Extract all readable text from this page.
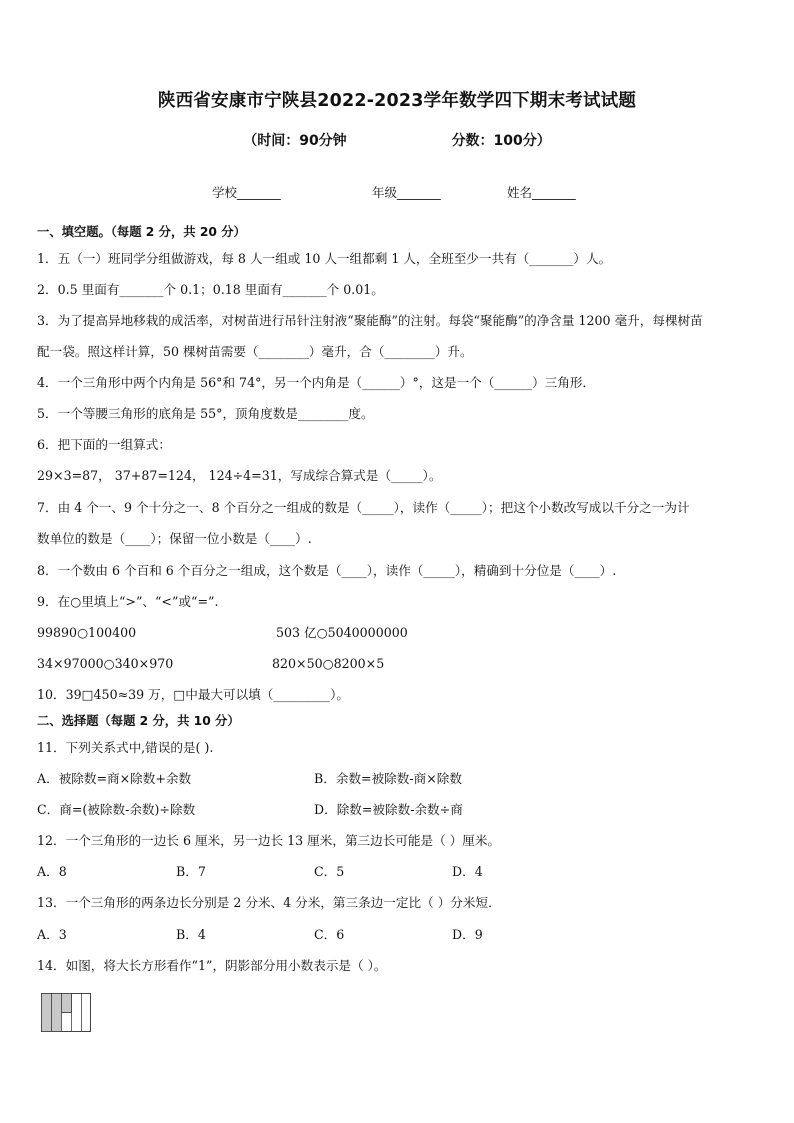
陕西省安康市宁陕县2022-2023学年数学四下期末考试试题
（时间：90分钟	分数：100分）
学校_______	年级_______	姓名_______
一、填空题。（每题 2 分，共 20 分）
1．五（一）班同学分组做游戏，每 8 人一组或 10 人一组都剩 1 人，全班至少一共有（_______）人。
2．0.5 里面有_______个 0.1；0.18 里面有_______个 0.01。
3．为了提高异地移栽的成活率，对树苗进行吊针注射液“聚能酶”的注射。每袋“聚能酶”的净含量 1200 毫升，每棵树苗
配一袋。照这样计算，50 棵树苗需要（________）毫升，合（________）升。
4．一个三角形中两个内角是 56°和 74°，另一个内角是（______）°，这是一个（______）三角形．
5．一个等腰三角形的底角是 55°，顶角度数是________度。
6．把下面的一组算式：
29×3=87， 37+87=124， 124÷4=31，写成综合算式是（_____）。
7．由 4 个一、9 个十分之一、8 个百分之一组成的数是（_____），读作（_____）；把这个小数改写成以千分之一为计
数单位的数是（____）；保留一位小数是（____）.
8．一个数由 6 个百和 6 个百分之一组成，这个数是（____），读作（_____），精确到十分位是（____）.
9．在○里填上“>”、“<”或“=”.
99890○100400	503 亿○5040000000
34×97000○340×970	820×50○8200×5
10．39□450≈39 万，□中最大可以填（_________）。
二、选择题（每题 2 分，共 10 分）
11．下列关系式中,错误的是( ).
A．被除数=商×除数+余数	B．余数=被除数-商×除数
C．商=(被除数-余数)÷除数	D．除数=被除数-余数÷商
12．一个三角形的一边长 6 厘米，另一边长 13 厘米，第三边长可能是（ ）厘米。
A．8	B．7	C．5	D．4
13．一个三角形的两条边长分别是 2 分米、4 分米，第三条边一定比（ ）分米短．
A．3	B．4	C．6	D．9
14．如图，将大长方形看作“1”，阴影部分用小数表示是（ ）。
